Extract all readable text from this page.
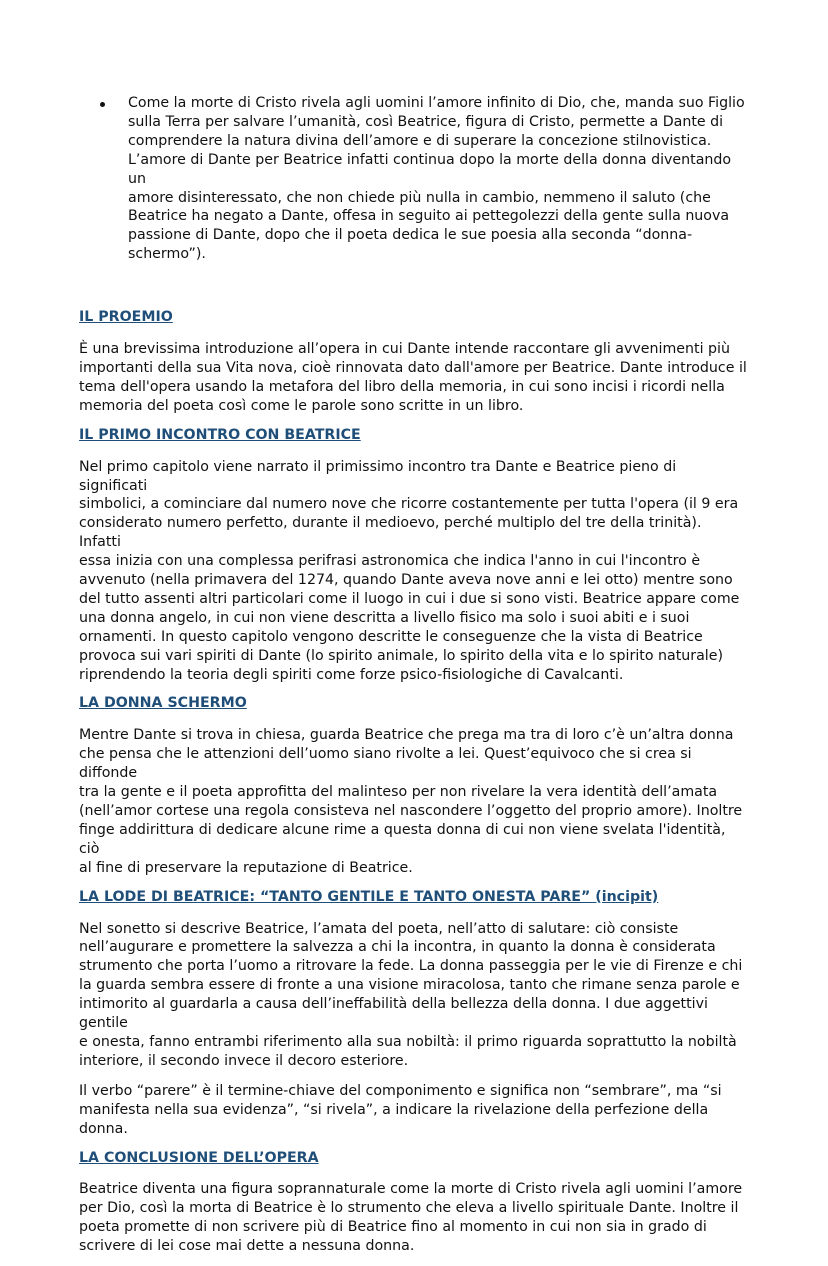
Come la morte di Cristo rivela agli uomini l’amore infinito di Dio, che, manda suo Figlio
sulla Terra per salvare l’umanità, così Beatrice, figura di Cristo, permette a Dante di
comprendere la natura divina dell’amore e di superare la concezione stilnovistica.
L’amore di Dante per Beatrice infatti continua dopo la morte della donna diventando un
amore disinteressato, che non chiede più nulla in cambio, nemmeno il saluto (che
Beatrice ha negato a Dante, offesa in seguito ai pettegolezzi della gente sulla nuova
passione di Dante, dopo che il poeta dedica le sue poesia alla seconda “donna-
schermo”).

IL PROEMIO

È una brevissima introduzione all’opera in cui Dante intende raccontare gli avvenimenti più
importanti della sua Vita nova, cioè rinnovata dato dall'amore per Beatrice. Dante introduce il
tema dell'opera usando la metafora del libro della memoria, in cui sono incisi i ricordi nella
memoria del poeta così come le parole sono scritte in un libro.

IL PRIMO INCONTRO CON BEATRICE

Nel primo capitolo viene narrato il primissimo incontro tra Dante e Beatrice pieno di significati
simbolici, a cominciare dal numero nove che ricorre costantemente per tutta l'opera (il 9 era
considerato numero perfetto, durante il medioevo, perché multiplo del tre della trinità). Infatti
essa inizia con una complessa perifrasi astronomica che indica l'anno in cui l'incontro è
avvenuto (nella primavera del 1274, quando Dante aveva nove anni e lei otto) mentre sono
del tutto assenti altri particolari come il luogo in cui i due si sono visti. Beatrice appare come
una donna angelo, in cui non viene descritta a livello fisico ma solo i suoi abiti e i suoi
ornamenti. In questo capitolo vengono descritte le conseguenze che la vista di Beatrice
provoca sui vari spiriti di Dante (lo spirito animale, lo spirito della vita e lo spirito naturale)
riprendendo la teoria degli spiriti come forze psico-fisiologiche di Cavalcanti.

LA DONNA SCHERMO

Mentre Dante si trova in chiesa, guarda Beatrice che prega ma tra di loro c’è un’altra donna
che pensa che le attenzioni dell’uomo siano rivolte a lei. Quest’equivoco che si crea si diffonde
tra la gente e il poeta approfitta del malinteso per non rivelare la vera identità dell’amata
(nell’amor cortese una regola consisteva nel nascondere l’oggetto del proprio amore). Inoltre
finge addirittura di dedicare alcune rime a questa donna di cui non viene svelata l'identità, ciò
al fine di preservare la reputazione di Beatrice.

LA LODE DI BEATRICE: “TANTO GENTILE E TANTO ONESTA PARE” (incipit)

Nel sonetto si descrive Beatrice, l’amata del poeta, nell’atto di salutare: ciò consiste
nell’augurare e promettere la salvezza a chi la incontra, in quanto la donna è considerata
strumento che porta l’uomo a ritrovare la fede. La donna passeggia per le vie di Firenze e chi
la guarda sembra essere di fronte a una visione miracolosa, tanto che rimane senza parole e
intimorito al guardarla a causa dell’ineffabilità della bellezza della donna. I due aggettivi gentile
e onesta, fanno entrambi riferimento alla sua nobiltà: il primo riguarda soprattutto la nobiltà
interiore, il secondo invece il decoro esteriore.

Il verbo “parere” è il termine-chiave del componimento e significa non “sembrare”, ma “si
manifesta nella sua evidenza”, “si rivela”, a indicare la rivelazione della perfezione della donna.

LA CONCLUSIONE DELL’OPERA

Beatrice diventa una figura soprannaturale come la morte di Cristo rivela agli uomini l’amore
per Dio, così la morta di Beatrice è lo strumento che eleva a livello spirituale Dante. Inoltre il
poeta promette di non scrivere più di Beatrice fino al momento in cui non sia in grado di
scrivere di lei cose mai dette a nessuna donna.
